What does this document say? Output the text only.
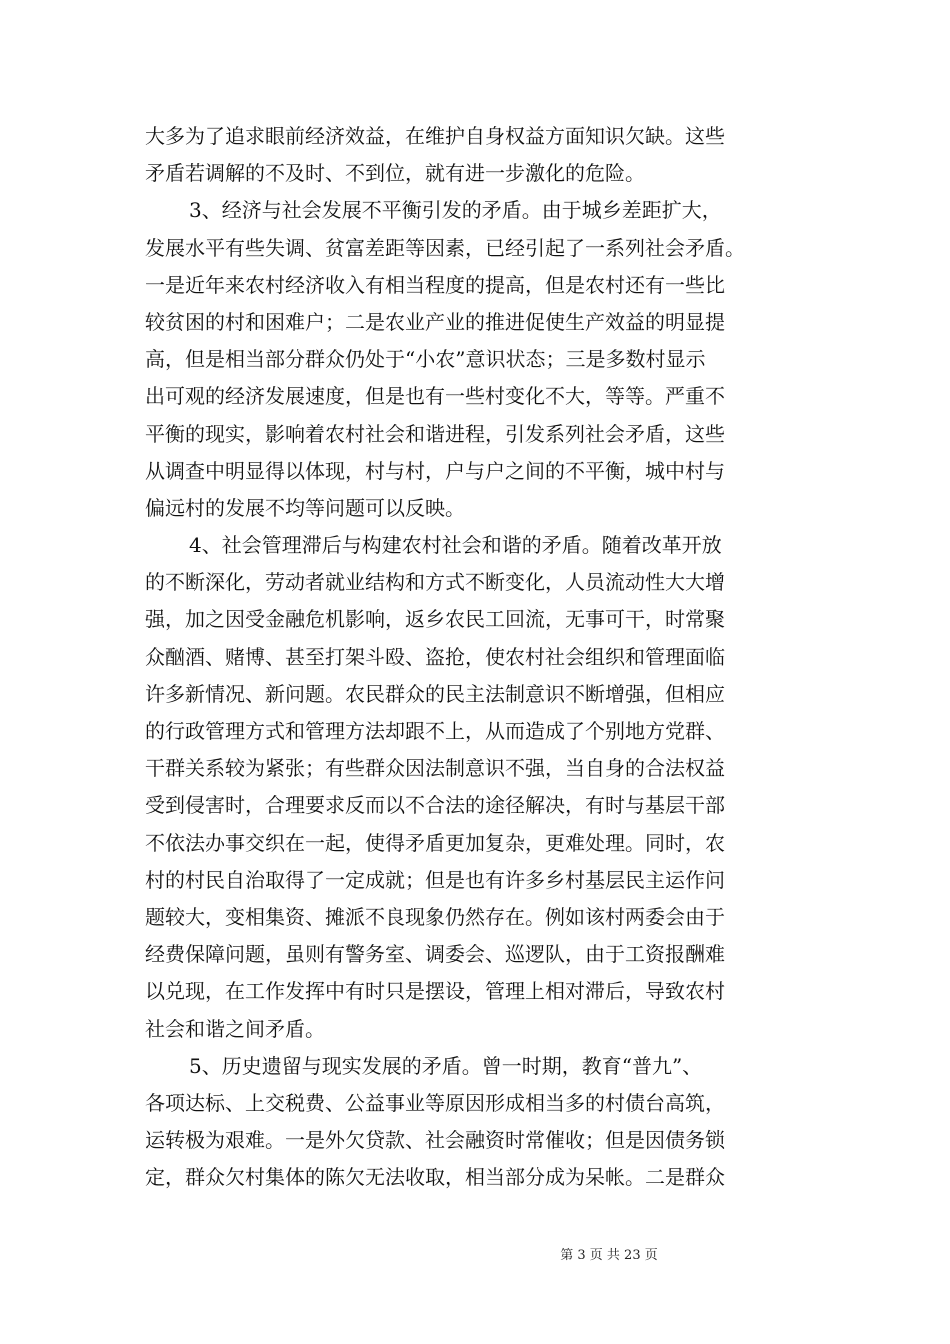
大多为了追求眼前经济效益，在维护自身权益方面知识欠缺。这些
矛盾若调解的不及时、不到位，就有进一步激化的危险。
3、经济与社会发展不平衡引发的矛盾。由于城乡差距扩大，
发展水平有些失调、贫富差距等因素，已经引起了一系列社会矛盾。
一是近年来农村经济收入有相当程度的提高，但是农村还有一些比
较贫困的村和困难户；二是农业产业的推进促使生产效益的明显提
高，但是相当部分群众仍处于“小农”意识状态；三是多数村显示
出可观的经济发展速度，但是也有一些村变化不大，等等。严重不
平衡的现实，影响着农村社会和谐进程，引发系列社会矛盾，这些
从调查中明显得以体现，村与村，户与户之间的不平衡，城中村与
偏远村的发展不均等问题可以反映。
4、社会管理滞后与构建农村社会和谐的矛盾。随着改革开放
的不断深化，劳动者就业结构和方式不断变化，人员流动性大大增
强，加之因受金融危机影响，返乡农民工回流，无事可干，时常聚
众酗酒、赌博、甚至打架斗殴、盗抢，使农村社会组织和管理面临
许多新情况、新问题。农民群众的民主法制意识不断增强，但相应
的行政管理方式和管理方法却跟不上，从而造成了个别地方党群、
干群关系较为紧张；有些群众因法制意识不强，当自身的合法权益
受到侵害时，合理要求反而以不合法的途径解决，有时与基层干部
不依法办事交织在一起，使得矛盾更加复杂，更难处理。同时，农
村的村民自治取得了一定成就；但是也有许多乡村基层民主运作问
题较大，变相集资、摊派不良现象仍然存在。例如该村两委会由于
经费保障问题，虽则有警务室、调委会、巡逻队，由于工资报酬难
以兑现，在工作发挥中有时只是摆设，管理上相对滞后，导致农村
社会和谐之间矛盾。
5、历史遗留与现实发展的矛盾。曾一时期，教育“普九”、
各项达标、上交税费、公益事业等原因形成相当多的村债台高筑，
运转极为艰难。一是外欠贷款、社会融资时常催收；但是因债务锁
定，群众欠村集体的陈欠无法收取，相当部分成为呆帐。二是群众
第 3 页 共 23 页
